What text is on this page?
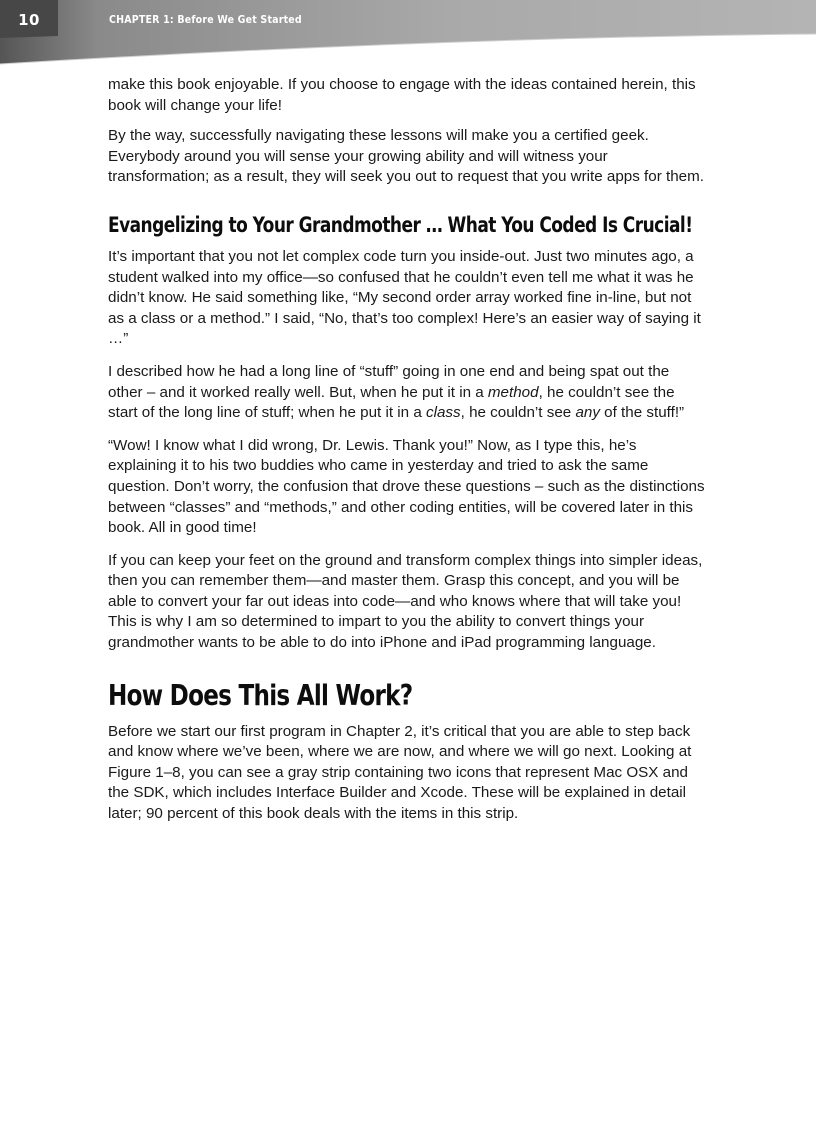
10	CHAPTER 1: Before We Get Started

make this book enjoyable. If you choose to engage with the ideas contained herein, this book will change your life!

By the way, successfully navigating these lessons will make you a certified geek. Everybody around you will sense your growing ability and will witness your transformation; as a result, they will seek you out to request that you write apps for them.

Evangelizing to Your Grandmother … What You Coded Is Crucial!

It’s important that you not let complex code turn you inside-out. Just two minutes ago, a student walked into my office—so confused that he couldn’t even tell me what it was he didn’t know. He said something like, “My second order array worked fine in-line, but not as a class or a method.” I said, “No, that’s too complex! Here’s an easier way of saying it …”

I described how he had a long line of “stuff” going in one end and being spat out the other – and it worked really well. But, when he put it in a method, he couldn’t see the start of the long line of stuff; when he put it in a class, he couldn’t see any of the stuff!”

“Wow! I know what I did wrong, Dr. Lewis. Thank you!” Now, as I type this, he’s explaining it to his two buddies who came in yesterday and tried to ask the same question. Don’t worry, the confusion that drove these questions – such as the distinctions between “classes” and “methods,” and other coding entities, will be covered later in this book. All in good time!

If you can keep your feet on the ground and transform complex things into simpler ideas, then you can remember them—and master them. Grasp this concept, and you will be able to convert your far out ideas into code—and who knows where that will take you! This is why I am so determined to impart to you the ability to convert things your grandmother wants to be able to do into iPhone and iPad programming language.

How Does This All Work?

Before we start our first program in Chapter 2, it’s critical that you are able to step back and know where we’ve been, where we are now, and where we will go next. Looking at Figure 1–8, you can see a gray strip containing two icons that represent Mac OSX and the SDK, which includes Interface Builder and Xcode. These will be explained in detail later; 90 percent of this book deals with the items in this strip.
